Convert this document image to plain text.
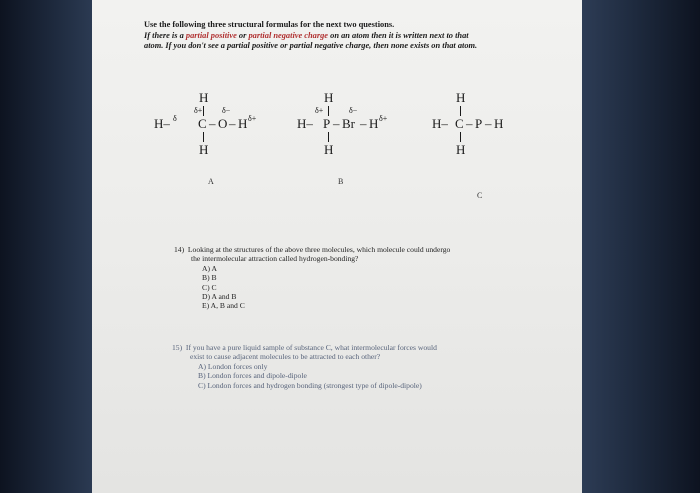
Use the following three structural formulas for the next two questions.
If there is a partial positive or partial negative charge on an atom then it is written next to that
atom. If you don't see a partial positive or partial negative charge, then none exists on that atom.
H
δ+
H– δ C – O
δ−
– H δ+
H
A
H
δ+
H– P – Br
δ−
– H δ+
H
B
H
H– C – P – H
H
C
14) Looking at the structures of the above three molecules, which molecule could undergo
the intermolecular attraction called hydrogen-bonding?
A) A
B) B
C) C
D) A and B
E) A, B and C
15) If you have a pure liquid sample of substance C, what intermolecular forces would
exist to cause adjacent molecules to be attracted to each other?
A) London forces only
B) London forces and dipole-dipole
C) London forces and hydrogen bonding (strongest type of dipole-dipole)
